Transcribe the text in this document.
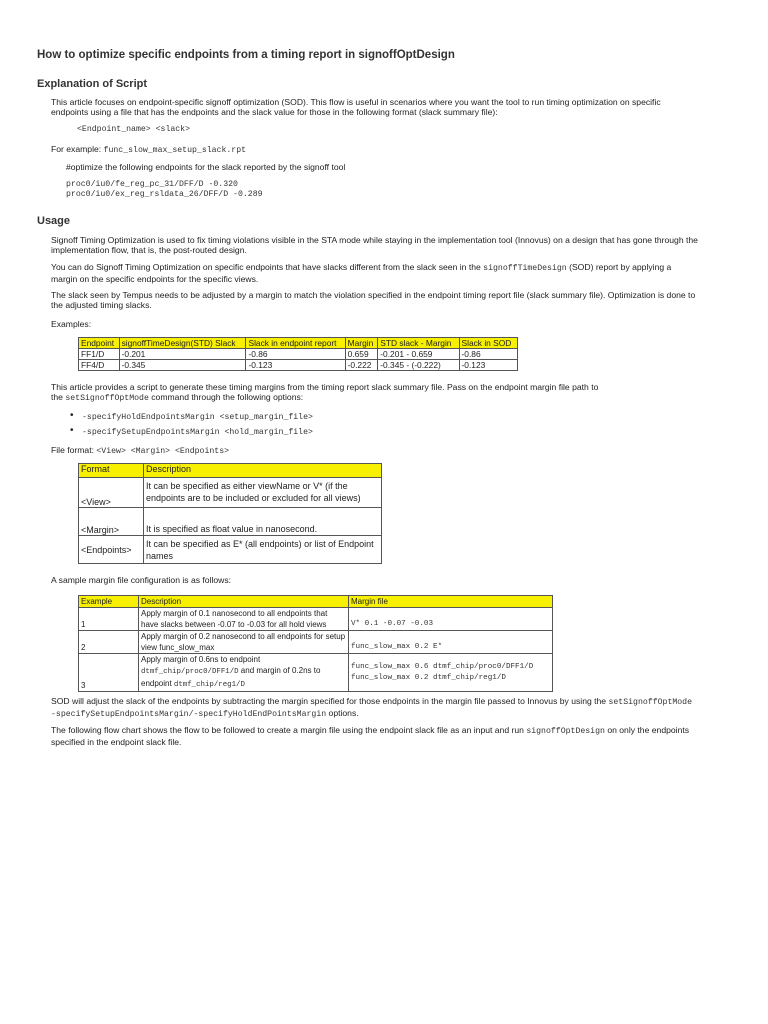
How to optimize specific endpoints from a timing report in signoffOptDesign
Explanation of Script

This article focuses on endpoint-specific signoff optimization (SOD). This flow is useful in scenarios where you want the tool to run timing optimization on specific
endpoints using a file that has the endpoints and the slack value for those in the following format (slack summary file):

<Endpoint_name> <slack>

For example: func_slow_max_setup_slack.rpt

#optimize the following endpoints for the slack reported by the signoff tool

proc0/iu0/fe_reg_pc_31/DFF/D -0.320
proc0/iu0/ex_reg_rsldata_26/DFF/D -0.289
Usage

Signoff Timing Optimization is used to fix timing violations visible in the STA mode while staying in the implementation tool (Innovus) on a design that has gone through the
implementation flow, that is, the post-routed design.

You can do Signoff Timing Optimization on specific endpoints that have slacks different from the slack seen in the signoffTimeDesign (SOD) report by applying a
margin on the specific endpoints for the specific views.

The slack seen by Tempus needs to be adjusted by a margin to match the violation specified in the endpoint timing report file (slack summary file). Optimization is done to
the adjusted timing slacks.

Examples:

Endpoint	signoffTimeDesign(STD) Slack	Slack in endpoint report	Margin	STD slack - Margin	Slack in SOD
FF1/D	-0.201	-0.86	0.659	-0.201 - 0.659	-0.86
FF4/D	-0.345	-0.123	-0.222	-0.345 - (-0.222)	-0.123

This article provides a script to generate these timing margins from the timing report slack summary file. Pass on the endpoint margin file path to
the setSignoffOptMode command through the following options:

• -specifyHoldEndpointsMargin <setup_margin_file>
• -specifySetupEndpointsMargin <hold_margin_file>

File format: <View> <Margin> <Endpoints>

Format	Description
<View>	It can be specified as either viewName or V* (if the endpoints are to be included or excluded for all views)
<Margin>	It is specified as float value in nanosecond.
<Endpoints>	It can be specified as E* (all endpoints) or list of Endpoint names

A sample margin file configuration is as follows:

Example	Description	Margin file
1	Apply margin of 0.1 nanosecond to all endpoints that have slacks between -0.07 to -0.03 for all hold views	V* 0.1 -0.07 -0.03
2	Apply margin of 0.2 nanosecond to all endpoints for setup view func_slow_max	func_slow_max 0.2 E*
3	Apply margin of 0.6ns to endpoint
dtmf_chip/proc0/DFF1/D and margin of 0.2ns to endpoint dtmf_chip/reg1/D	func_slow_max 0.6 dtmf_chip/proc0/DFF1/D
func_slow_max 0.2 dtmf_chip/reg1/D

SOD will adjust the slack of the endpoints by subtracting the margin specified for those endpoints in the margin file passed to Innovus by using the setSignoffOptMode
-specifySetupEndpointsMargin/-specifyHoldEndPointsMargin options.

The following flow chart shows the flow to be followed to create a margin file using the endpoint slack file as an input and run signoffOptDesign on only the endpoints
specified in the endpoint slack file.
